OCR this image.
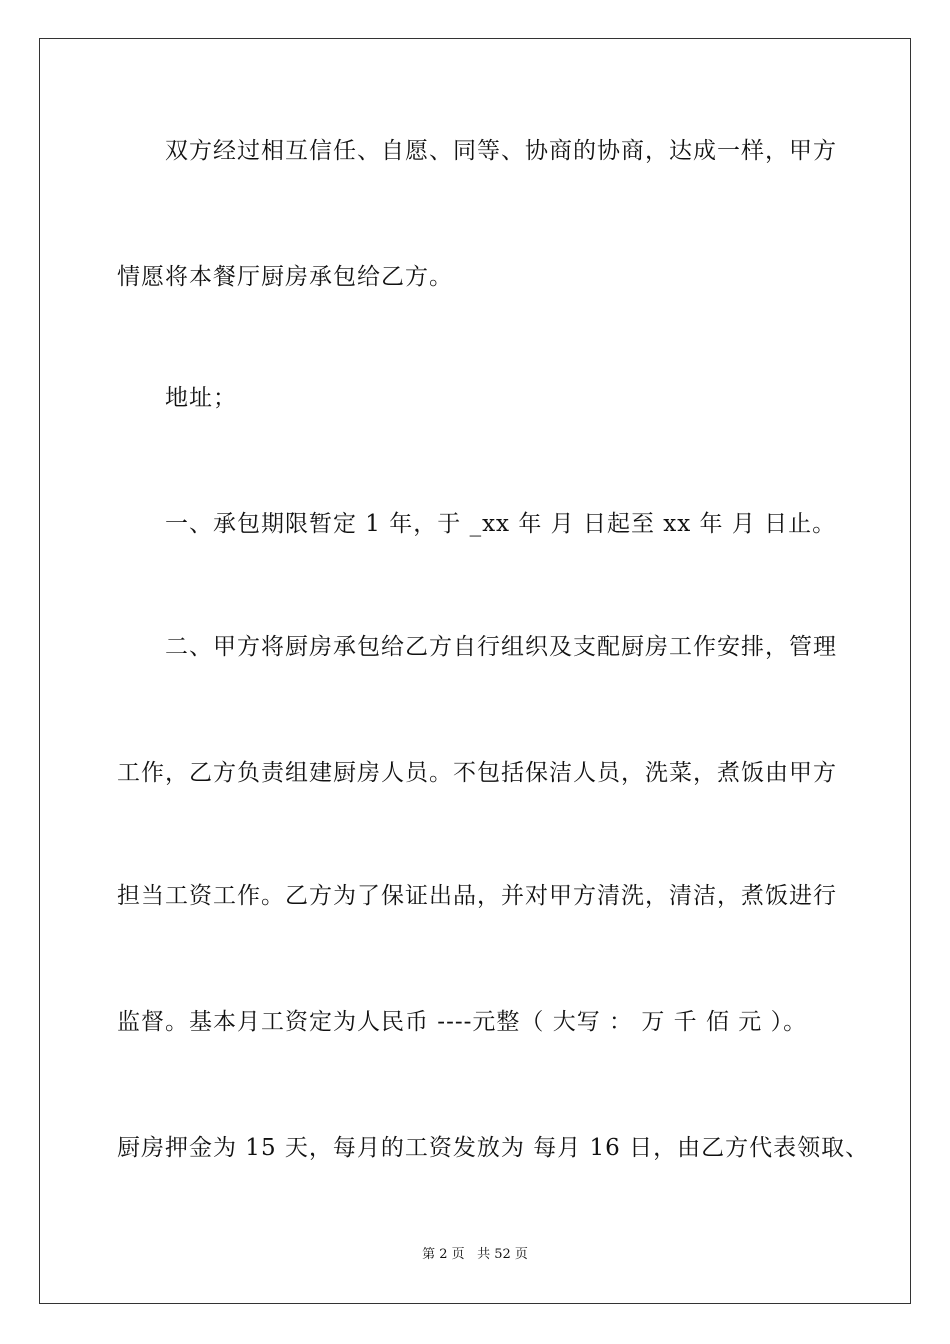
　　双方经过相互信任、自愿、同等、协商的协商，达成一样，甲方
情愿将本餐厅厨房承包给乙方。
　　地址；
　　一、承包期限暂定 1 年，于 _xx 年 月 日起至 xx 年 月 日止。
　　二、甲方将厨房承包给乙方自行组织及支配厨房工作安排，管理
工作，乙方负责组建厨房人员。不包括保洁人员，洗菜，煮饭由甲方
担当工资工作。乙方为了保证出品，并对甲方清洗，清洁，煮饭进行
监督。基本月工资定为人民币 ----元整（ 大写 ： 万 千 佰 元 ）。
厨房押金为 15 天，每月的工资发放为 每月 16 日，由乙方代表领取、
第 2 页 共 52 页
